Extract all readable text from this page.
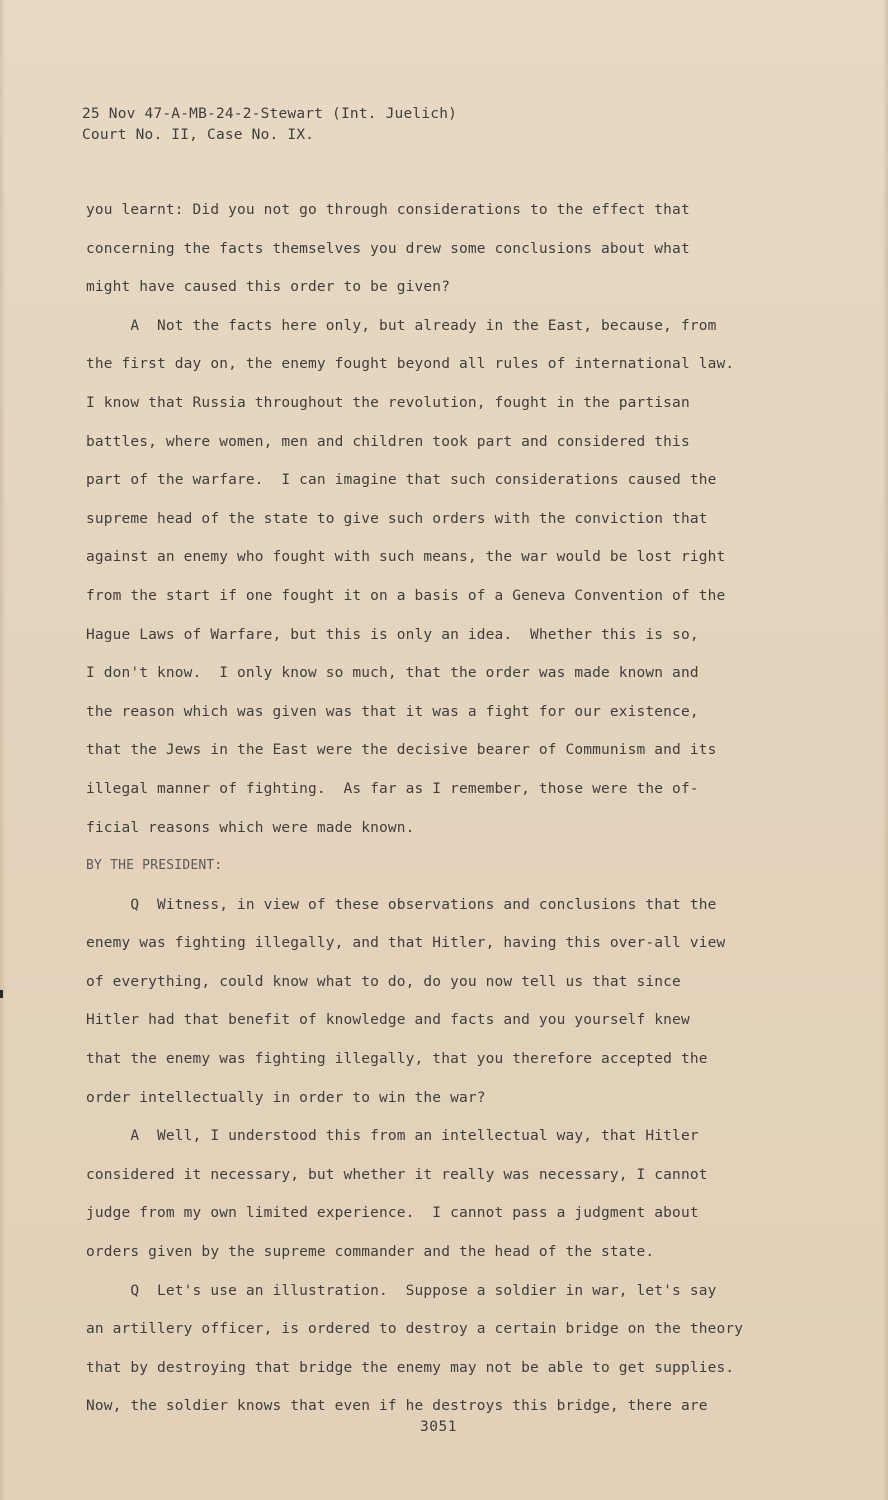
25 Nov 47-A-MB-24-2-Stewart (Int. Juelich)
Court No. II, Case No. IX.
you learnt: Did you not go through considerations to the effect that
concerning the facts themselves you drew some conclusions about what
might have caused this order to be given?
A  Not the facts here only, but already in the East, because, from
the first day on, the enemy fought beyond all rules of international law.
I know that Russia throughout the revolution, fought in the partisan
battles, where women, men and children took part and considered this
part of the warfare.  I can imagine that such considerations caused the
supreme head of the state to give such orders with the conviction that
against an enemy who fought with such means, the war would be lost right
from the start if one fought it on a basis of a Geneva Convention of the
Hague Laws of Warfare, but this is only an idea.  Whether this is so,
I don't know.  I only know so much, that the order was made known and
the reason which was given was that it was a fight for our existence,
that the Jews in the East were the decisive bearer of Communism and its
illegal manner of fighting.  As far as I remember, those were the of-
ficial reasons which were made known.
BY THE PRESIDENT:
Q  Witness, in view of these observations and conclusions that the
enemy was fighting illegally, and that Hitler, having this over-all view
of everything, could know what to do, do you now tell us that since
Hitler had that benefit of knowledge and facts and you yourself knew
that the enemy was fighting illegally, that you therefore accepted the
order intellectually in order to win the war?
A  Well, I understood this from an intellectual way, that Hitler
considered it necessary, but whether it really was necessary, I cannot
judge from my own limited experience.  I cannot pass a judgment about
orders given by the supreme commander and the head of the state.
Q  Let's use an illustration.  Suppose a soldier in war, let's say
an artillery officer, is ordered to destroy a certain bridge on the theory
that by destroying that bridge the enemy may not be able to get supplies.
Now, the soldier knows that even if he destroys this bridge, there are
3051
